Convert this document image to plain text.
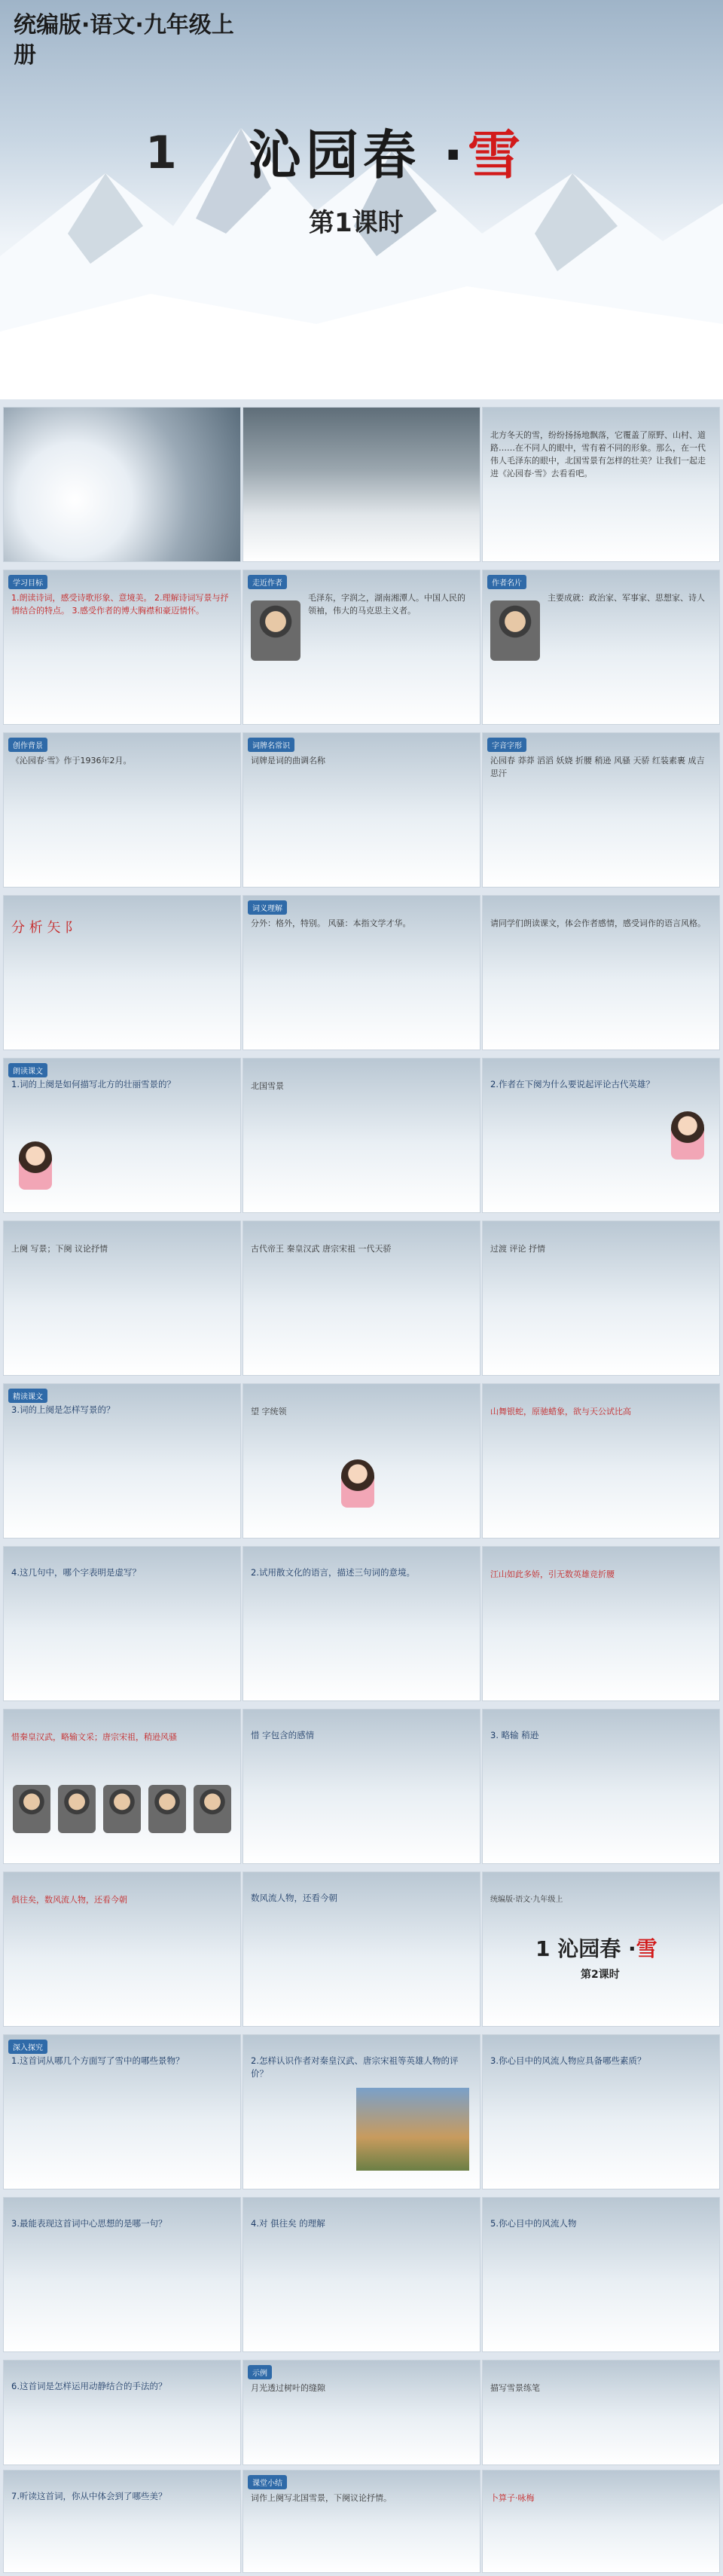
统编版·语文·九年级上册
1 沁园春 ·雪
第1课时
北方冬天的雪，纷纷扬扬地飘落，它覆盖了原野、山村、道路……在不同人的眼中，雪有着不同的形象。那么，在一代伟人毛泽东的眼中，北国雪景有怎样的壮美？让我们一起走进《沁园春·雪》去看看吧。
学习目标
1.朗读诗词，感受诗歌形象、意境美。 2.理解诗词写景与抒情结合的特点。 3.感受作者的博大胸襟和豪迈情怀。
走近作者
毛泽东，字润之，湖南湘潭人。中国人民的领袖，伟大的马克思主义者。
作者名片
主要成就：政治家、军事家、思想家、诗人
创作背景
《沁园春·雪》作于1936年2月。
词牌名常识
词牌是词的曲调名称
字音字形
沁园春 莽莽 滔滔 妖娆 折腰 稍逊 风骚 天骄 红装素裹 成吉思汗
分 析 矢 阝
词义理解
分外：格外，特别。 风骚：本指文学才华。	请同学们朗读课文，体会作者感情，感受词作的语言风格。
朗读课文
1.词的上阕是如何描写北方的壮丽雪景的？	北国雪景	2.作者在下阕为什么要说起评论古代英雄？
上阕 写景；下阕 议论抒情	古代帝王 秦皇汉武 唐宗宋祖 一代天骄	过渡 评论 抒情
精读课文
3.词的上阕是怎样写景的？	望 字统领	山舞银蛇，原驰蜡象，欲与天公试比高
4.这几句中，哪个字表明是虚写？	2.试用散文化的语言，描述三句词的意境。	江山如此多娇，引无数英雄竞折腰
惜秦皇汉武，略输文采；唐宗宋祖，稍逊风骚	惜 字包含的感情	3. 略输 稍逊
俱往矣，数风流人物，还看今朝	数风流人物，还看今朝	统编版·语文·九年级上
1 沁园春 ·雪
第2课时
深入探究
1.这首词从哪几个方面写了雪中的哪些景物？	2.怎样认识作者对秦皇汉武、唐宗宋祖等英雄人物的评价？
3.你心目中的风流人物应具备哪些素质？
3.最能表现这首词中心思想的是哪一句？	4.对 俱往矣 的理解	5.你心目中的风流人物
6.这首词是怎样运用动静结合的手法的？
示例
月光透过树叶的缝隙	描写雪景练笔
7.听读这首词，你从中体会到了哪些美？
课堂小结
词作上阕写北国雪景，下阕议论抒情。	卜算子·咏梅
